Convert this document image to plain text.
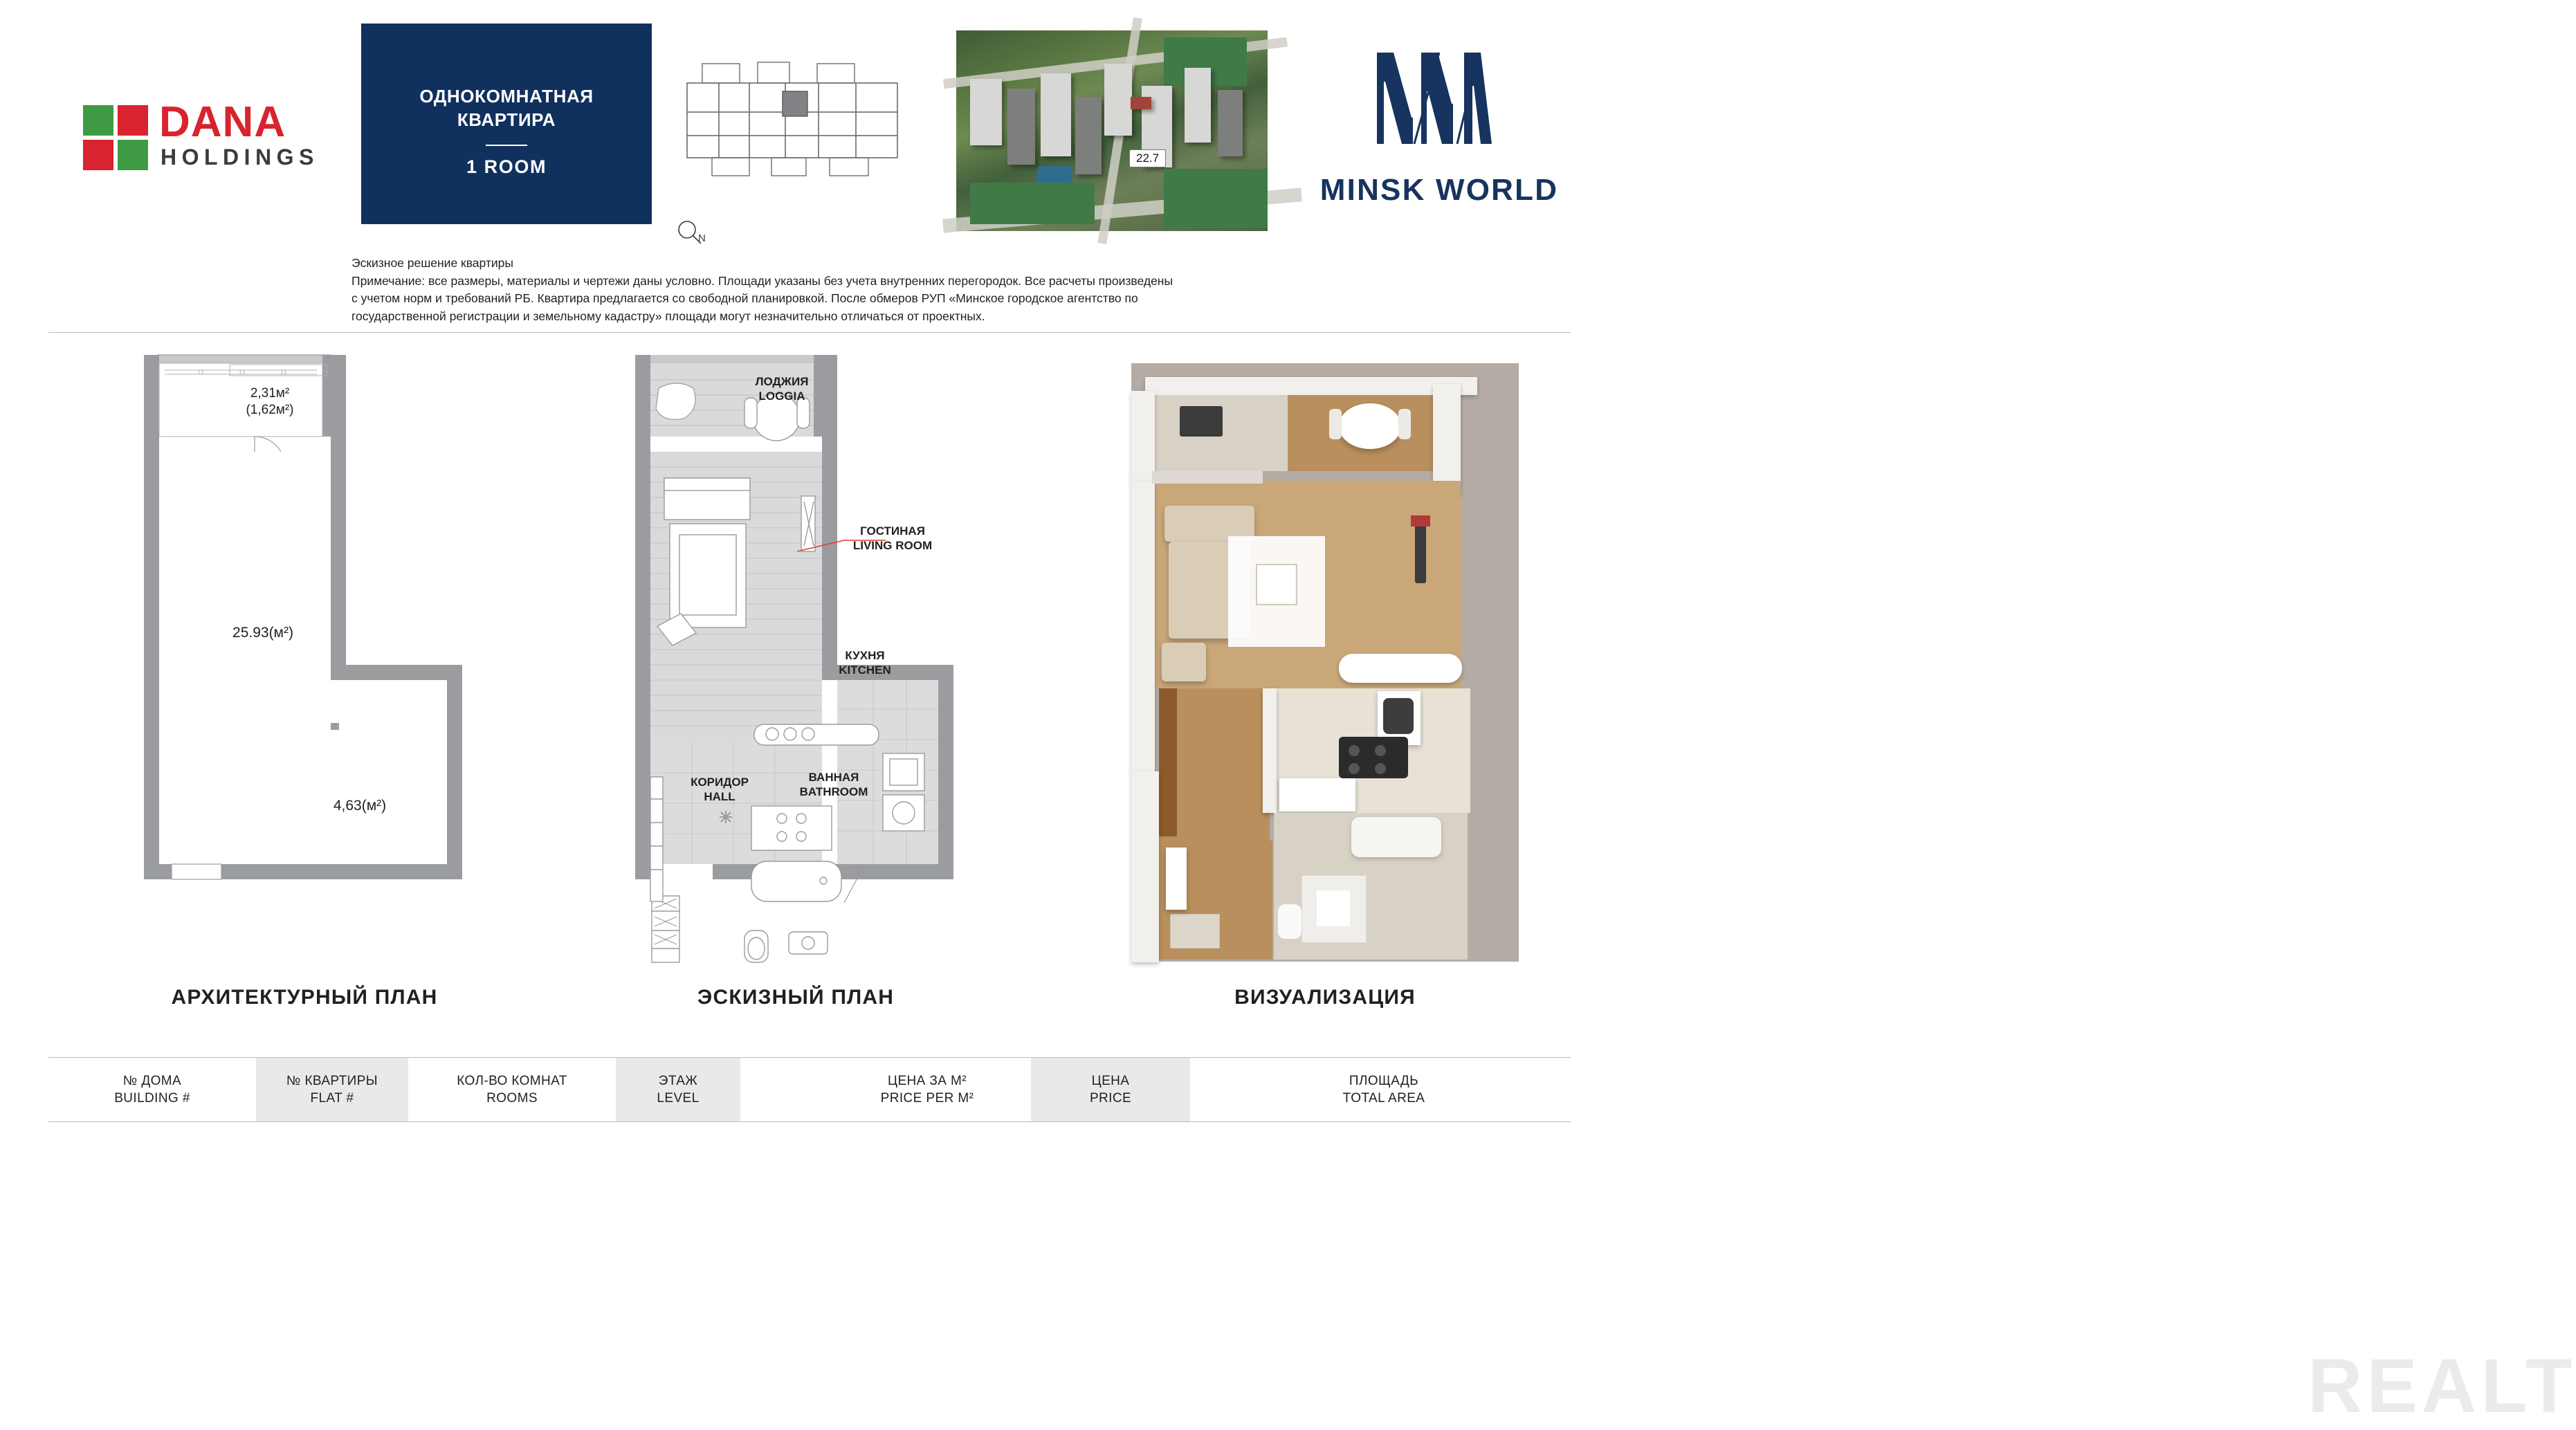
DANA
HOLDINGS
ОДНОКОМНАТНАЯ
КВАРТИРА
1 ROOM
N
22.7
MINSK WORLD
Эскизное решение квартиры
Примечание: все размеры, материалы и чертежи даны условно. Площади указаны без учета внутренних перегородок. Все расчеты произведены
с учетом норм и требований РБ. Квартира предлагается со свободной планировкой. После обмеров РУП «Минское городское агентство по
государственной регистрации и земельному кадастру» площади могут незначительно отличаться от проектных.
2,31м²
(1,62м²)
25.93(м²)
4,63(м²)
АРХИТЕКТУРНЫЙ ПЛАН
ЛОДЖИЯ
LOGGIA
ГОСТИНАЯ
LIVING ROOM
КУХНЯ
KITCHEN
ВАННАЯ
BATHROOM
КОРИДОР
HALL
ЭСКИЗНЫЙ ПЛАН
REALT
ВИЗУАЛИЗАЦИЯ
№ ДОМА
BUILDING #
№ КВАРТИРЫ
FLAT #
КОЛ-ВО КОМНАТ
ROOMS
ЭТАЖ
LEVEL
ЦЕНА ЗА М²
PRICE PER M²
ЦЕНА
PRICE
ПЛОЩАДЬ
TOTAL AREA
